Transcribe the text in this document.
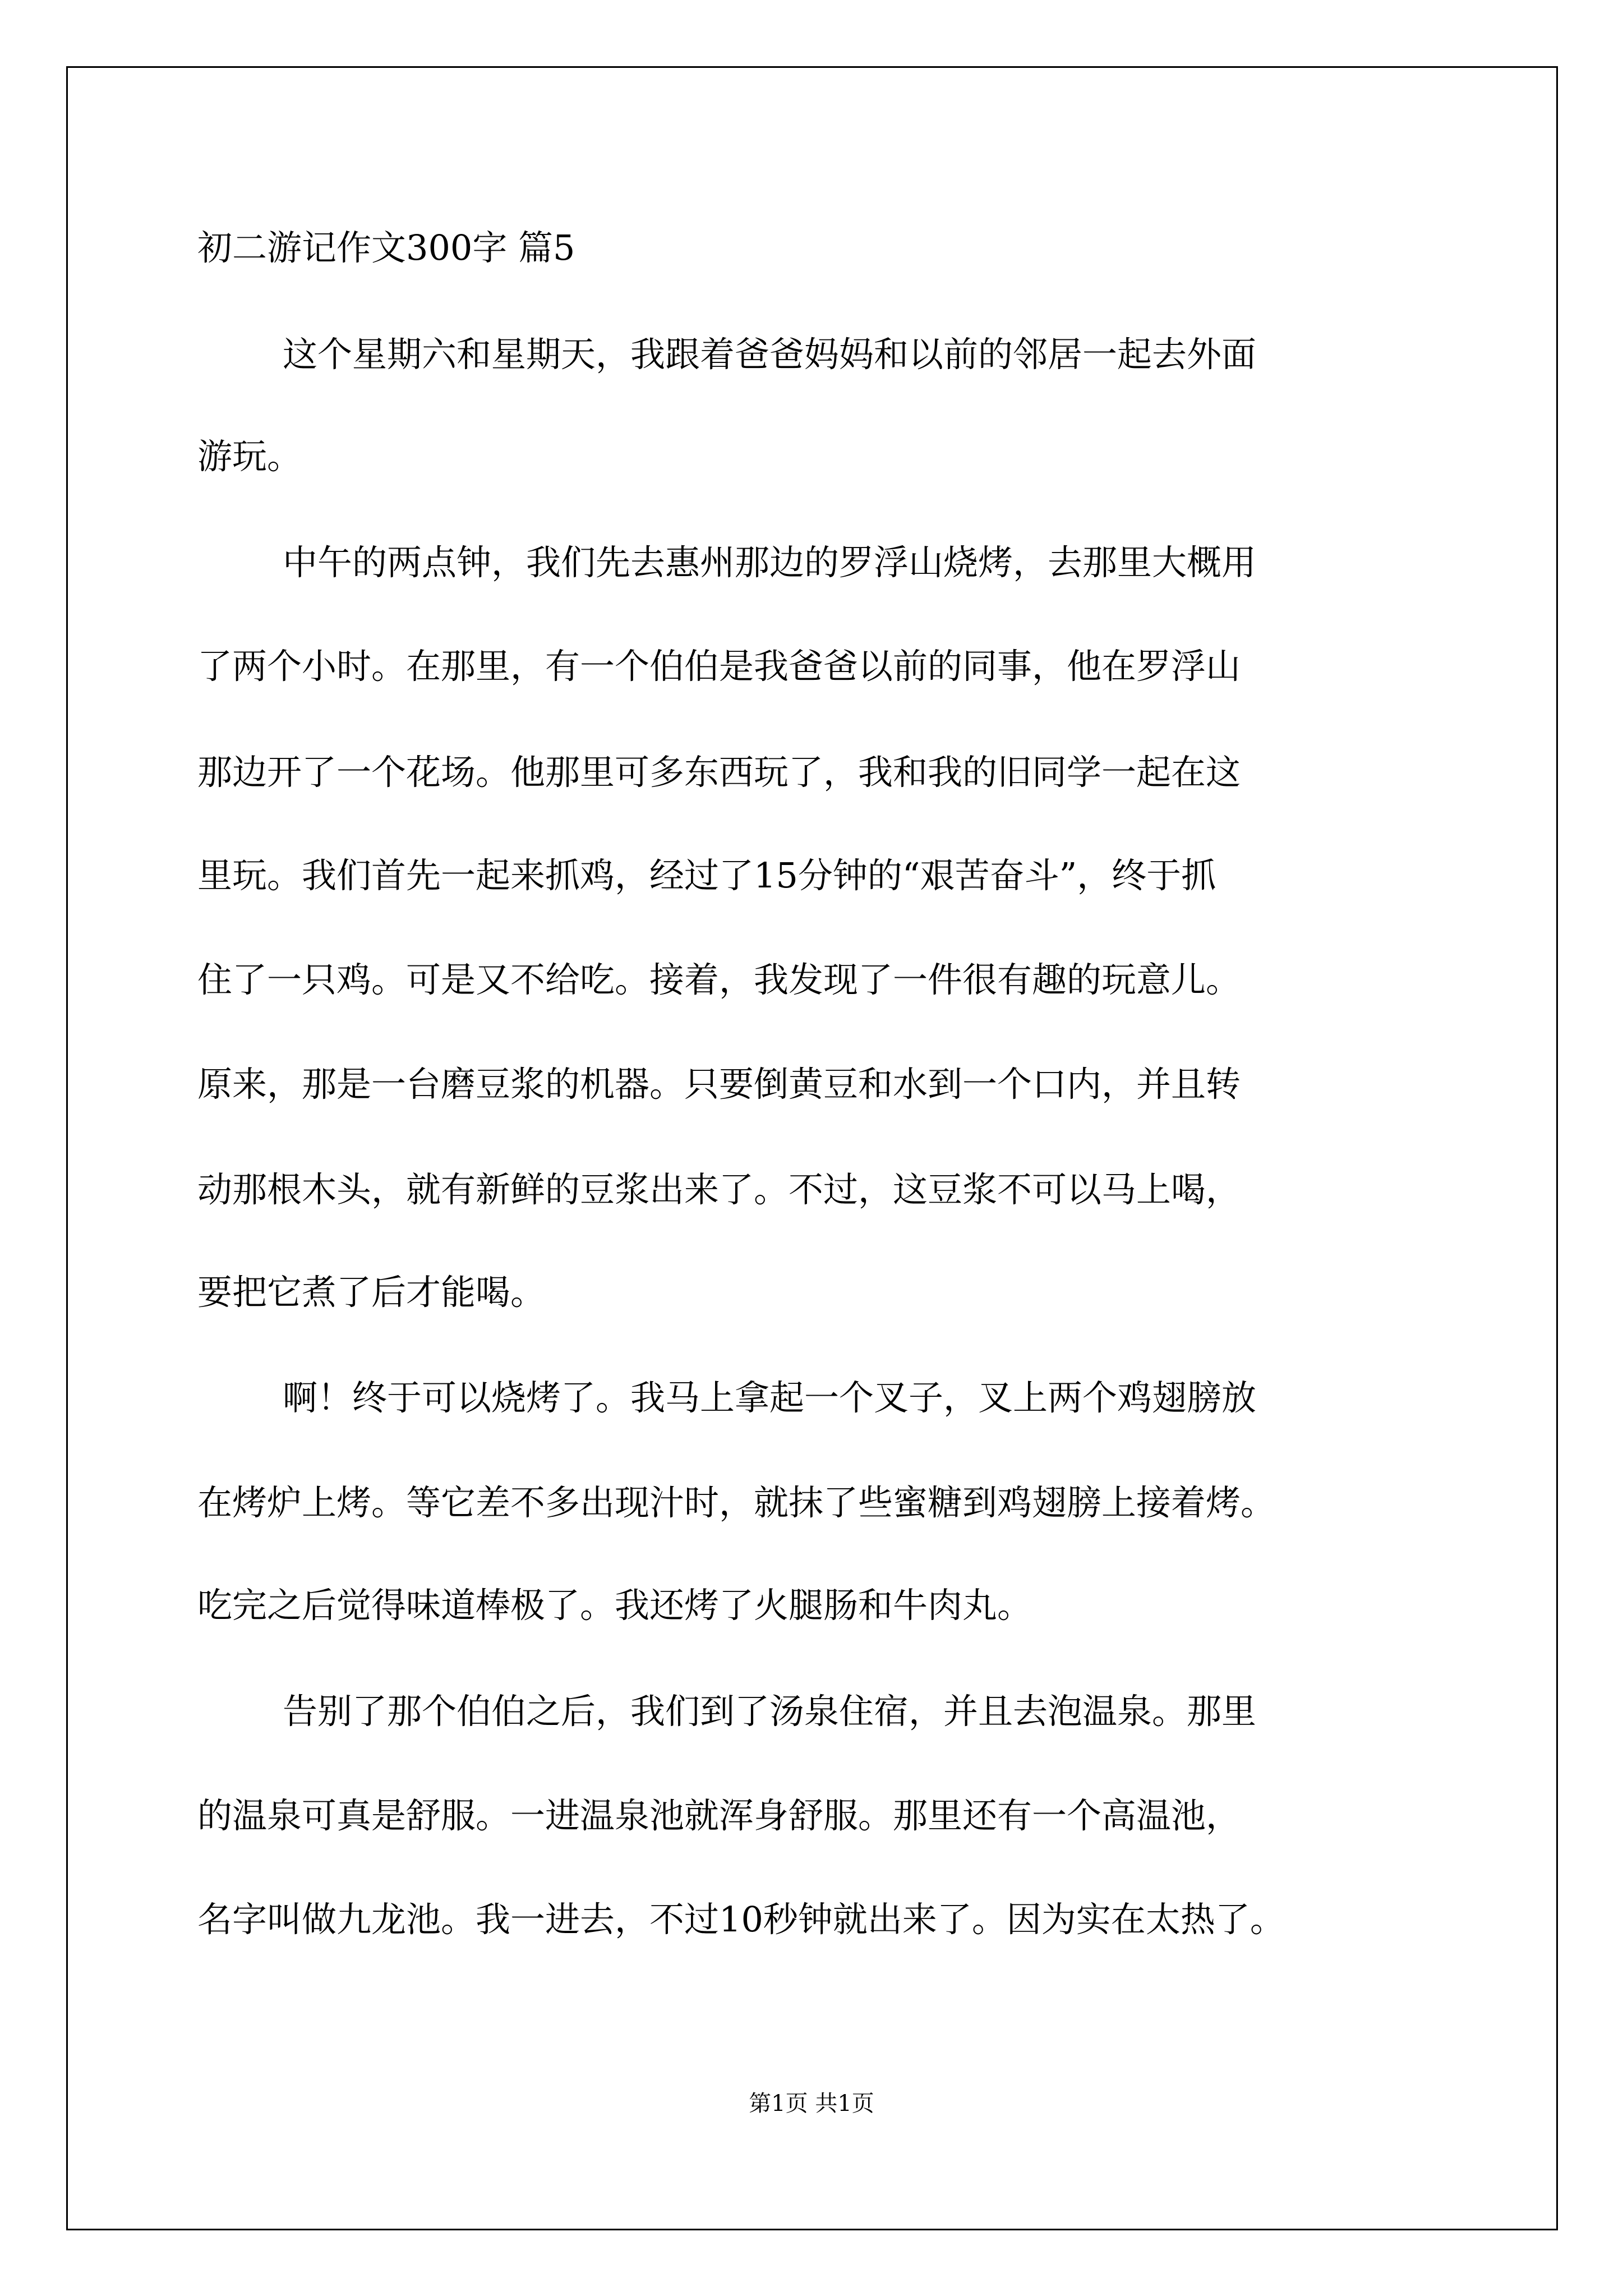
初二游记作文300字 篇5

这个星期六和星期天，我跟着爸爸妈妈和以前的邻居一起去外面

游玩。

中午的两点钟，我们先去惠州那边的罗浮山烧烤，去那里大概用

了两个小时。在那里，有一个伯伯是我爸爸以前的同事，他在罗浮山

那边开了一个花场。他那里可多东西玩了，我和我的旧同学一起在这

里玩。我们首先一起来抓鸡，经过了15分钟的“艰苦奋斗”，终于抓

住了一只鸡。可是又不给吃。接着，我发现了一件很有趣的玩意儿。

原来，那是一台磨豆浆的机器。只要倒黄豆和水到一个口内，并且转

动那根木头，就有新鲜的豆浆出来了。不过，这豆浆不可以马上喝，

要把它煮了后才能喝。

啊！终于可以烧烤了。我马上拿起一个叉子，叉上两个鸡翅膀放

在烤炉上烤。等它差不多出现汁时，就抹了些蜜糖到鸡翅膀上接着烤。

吃完之后觉得味道棒极了。我还烤了火腿肠和牛肉丸。

告别了那个伯伯之后，我们到了汤泉住宿，并且去泡温泉。那里

的温泉可真是舒服。一进温泉池就浑身舒服。那里还有一个高温池，

名字叫做九龙池。我一进去，不过10秒钟就出来了。因为实在太热了。

第1页 共1页
